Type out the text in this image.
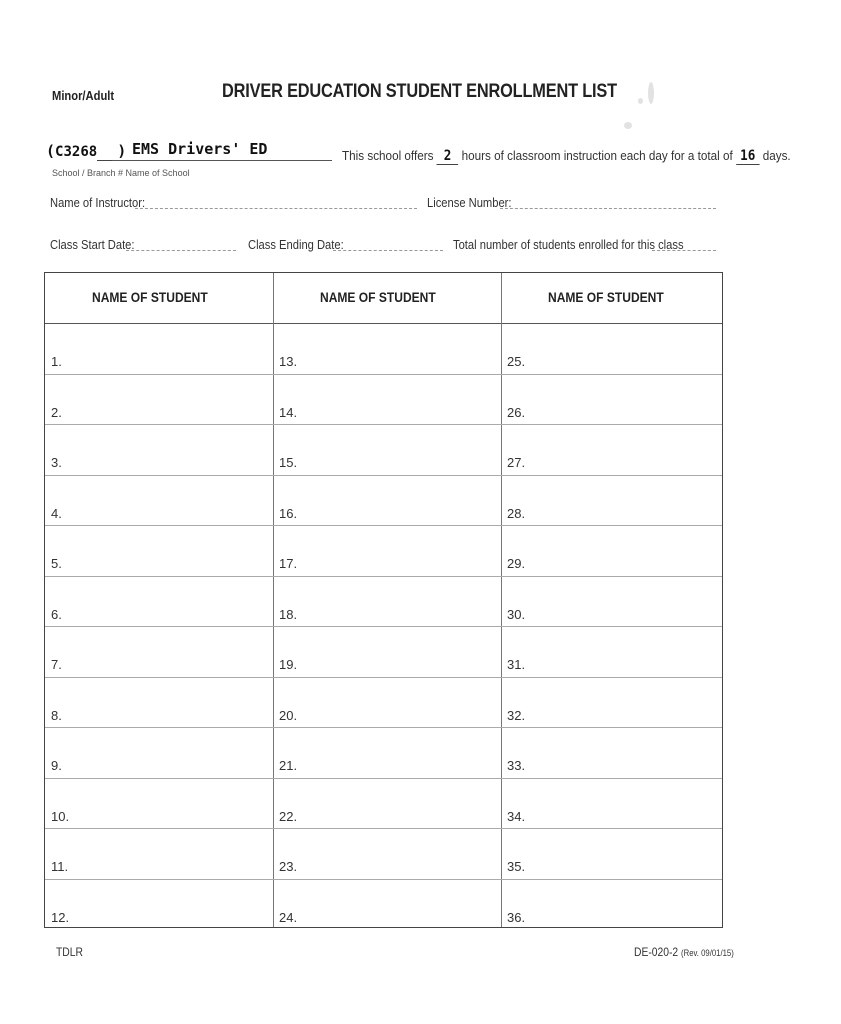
Minor/Adult	DRIVER EDUCATION STUDENT ENROLLMENT LIST
(C3268 ) EMS Drivers' ED	This school offers 2 hours of classroom instruction each day for a total of 16 days.
School / Branch # Name of School
Name of Instructor:	License Number:
Class Start Date:	Class Ending Date:	Total number of students enrolled for this class
NAME OF STUDENT	NAME OF STUDENT	NAME OF STUDENT
1.	13.	25.
2.	14.	26.
3.	15.	27.
4.	16.	28.
5.	17.	29.
6.	18.	30.
7.	19.	31.
8.	20.	32.
9.	21.	33.
10.	22.	34.
11.	23.	35.
12.	24.	36.
TDLR	DE-020-2 (Rev. 09/01/15)
